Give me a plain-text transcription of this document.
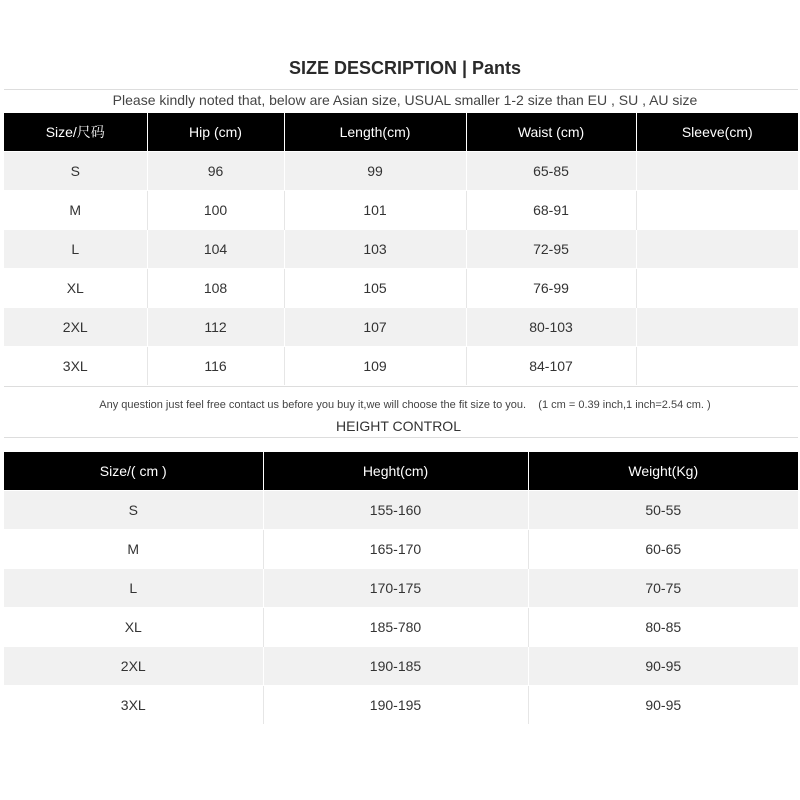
SIZE DESCRIPTION | Pants
Please kindly noted that, below are Asian size, USUAL smaller 1-2 size than EU , SU , AU size
Size/尺码	Hip (cm)	Length(cm)	Waist (cm)	Sleeve(cm)
S	96	99	65-85	
M	100	101	68-91	
L	104	103	72-95	
XL	108	105	76-99	
2XL	112	107	80-103	
3XL	116	109	84-107	
Any question just feel free contact us before you buy it,we will choose the fit size to you.    (1 cm = 0.39 inch,1 inch=2.54 cm. )
HEIGHT CONTROL
Size/( cm )	Heght(cm)	Weight(Kg)
S	155-160	50-55
M	165-170	60-65
L	170-175	70-75
XL	185-780	80-85
2XL	190-185	90-95
3XL	190-195	90-95
